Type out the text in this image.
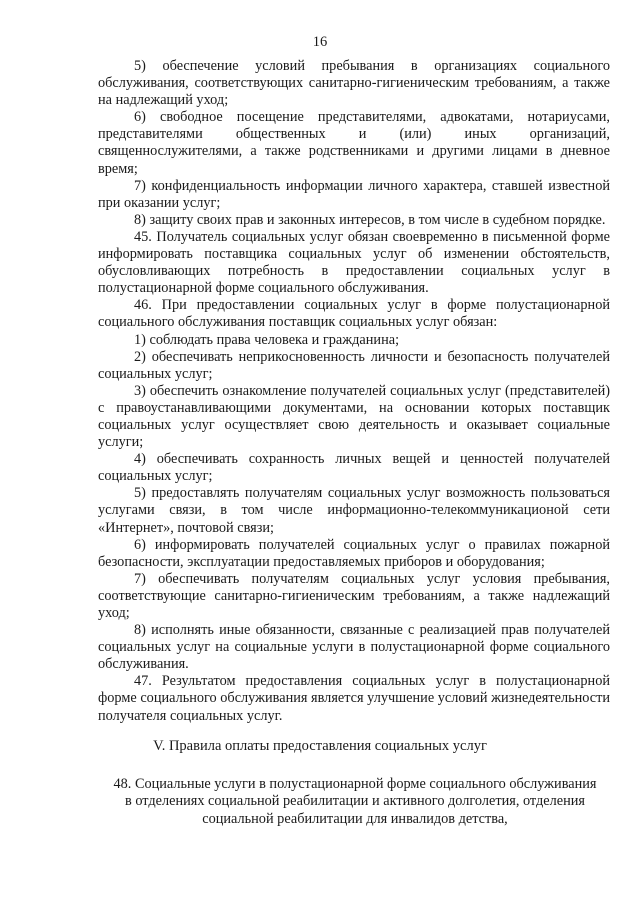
16

5) обеспечение условий пребывания в организациях социального обслуживания, соответствующих санитарно-гигиеническим требованиям, а также на надлежащий уход;

6) свободное посещение представителями, адвокатами, нотариусами, представителями общественных и (или) иных организаций, священнослужителями, а также родственниками и другими лицами в дневное время;

7) конфиденциальность информации личного характера, ставшей известной при оказании услуг;

8) защиту своих прав и законных интересов, в том числе в судебном порядке.

45. Получатель социальных услуг обязан своевременно в письменной форме информировать поставщика социальных услуг об изменении обстоятельств, обусловливающих потребность в предоставлении социальных услуг в полустационарной форме социального обслуживания.

46. При предоставлении социальных услуг в форме полустационарной социального обслуживания поставщик социальных услуг обязан:

1) соблюдать права человека и гражданина;

2) обеспечивать неприкосновенность личности и безопасность получателей социальных услуг;

3) обеспечить ознакомление получателей социальных услуг (представителей) с правоустанавливающими документами, на основании которых поставщик социальных услуг осуществляет свою деятельность и оказывает социальные услуги;

4) обеспечивать сохранность личных вещей и ценностей получателей социальных услуг;

5) предоставлять получателям социальных услуг возможность пользоваться услугами связи, в том числе информационно-телекоммуникационой сети «Интернет», почтовой связи;

6) информировать получателей социальных услуг о правилах пожарной безопасности, эксплуатации предоставляемых приборов и оборудования;

7) обеспечивать получателям социальных услуг условия пребывания, соответствующие санитарно-гигиеническим требованиям, а также надлежащий уход;

8) исполнять иные обязанности, связанные с реализацией прав получателей социальных услуг на социальные услуги в полустационарной форме социального обслуживания.

47. Результатом предоставления социальных услуг в полустационарной форме социального обслуживания является улучшение условий жизнедеятельности получателя социальных услуг.

V. Правила оплаты предоставления социальных услуг
48. Социальные услуги в полустационарной форме социального обслуживания в отделениях социальной реабилитации и активного долголетия, отделения социальной реабилитации для инвалидов детства,
